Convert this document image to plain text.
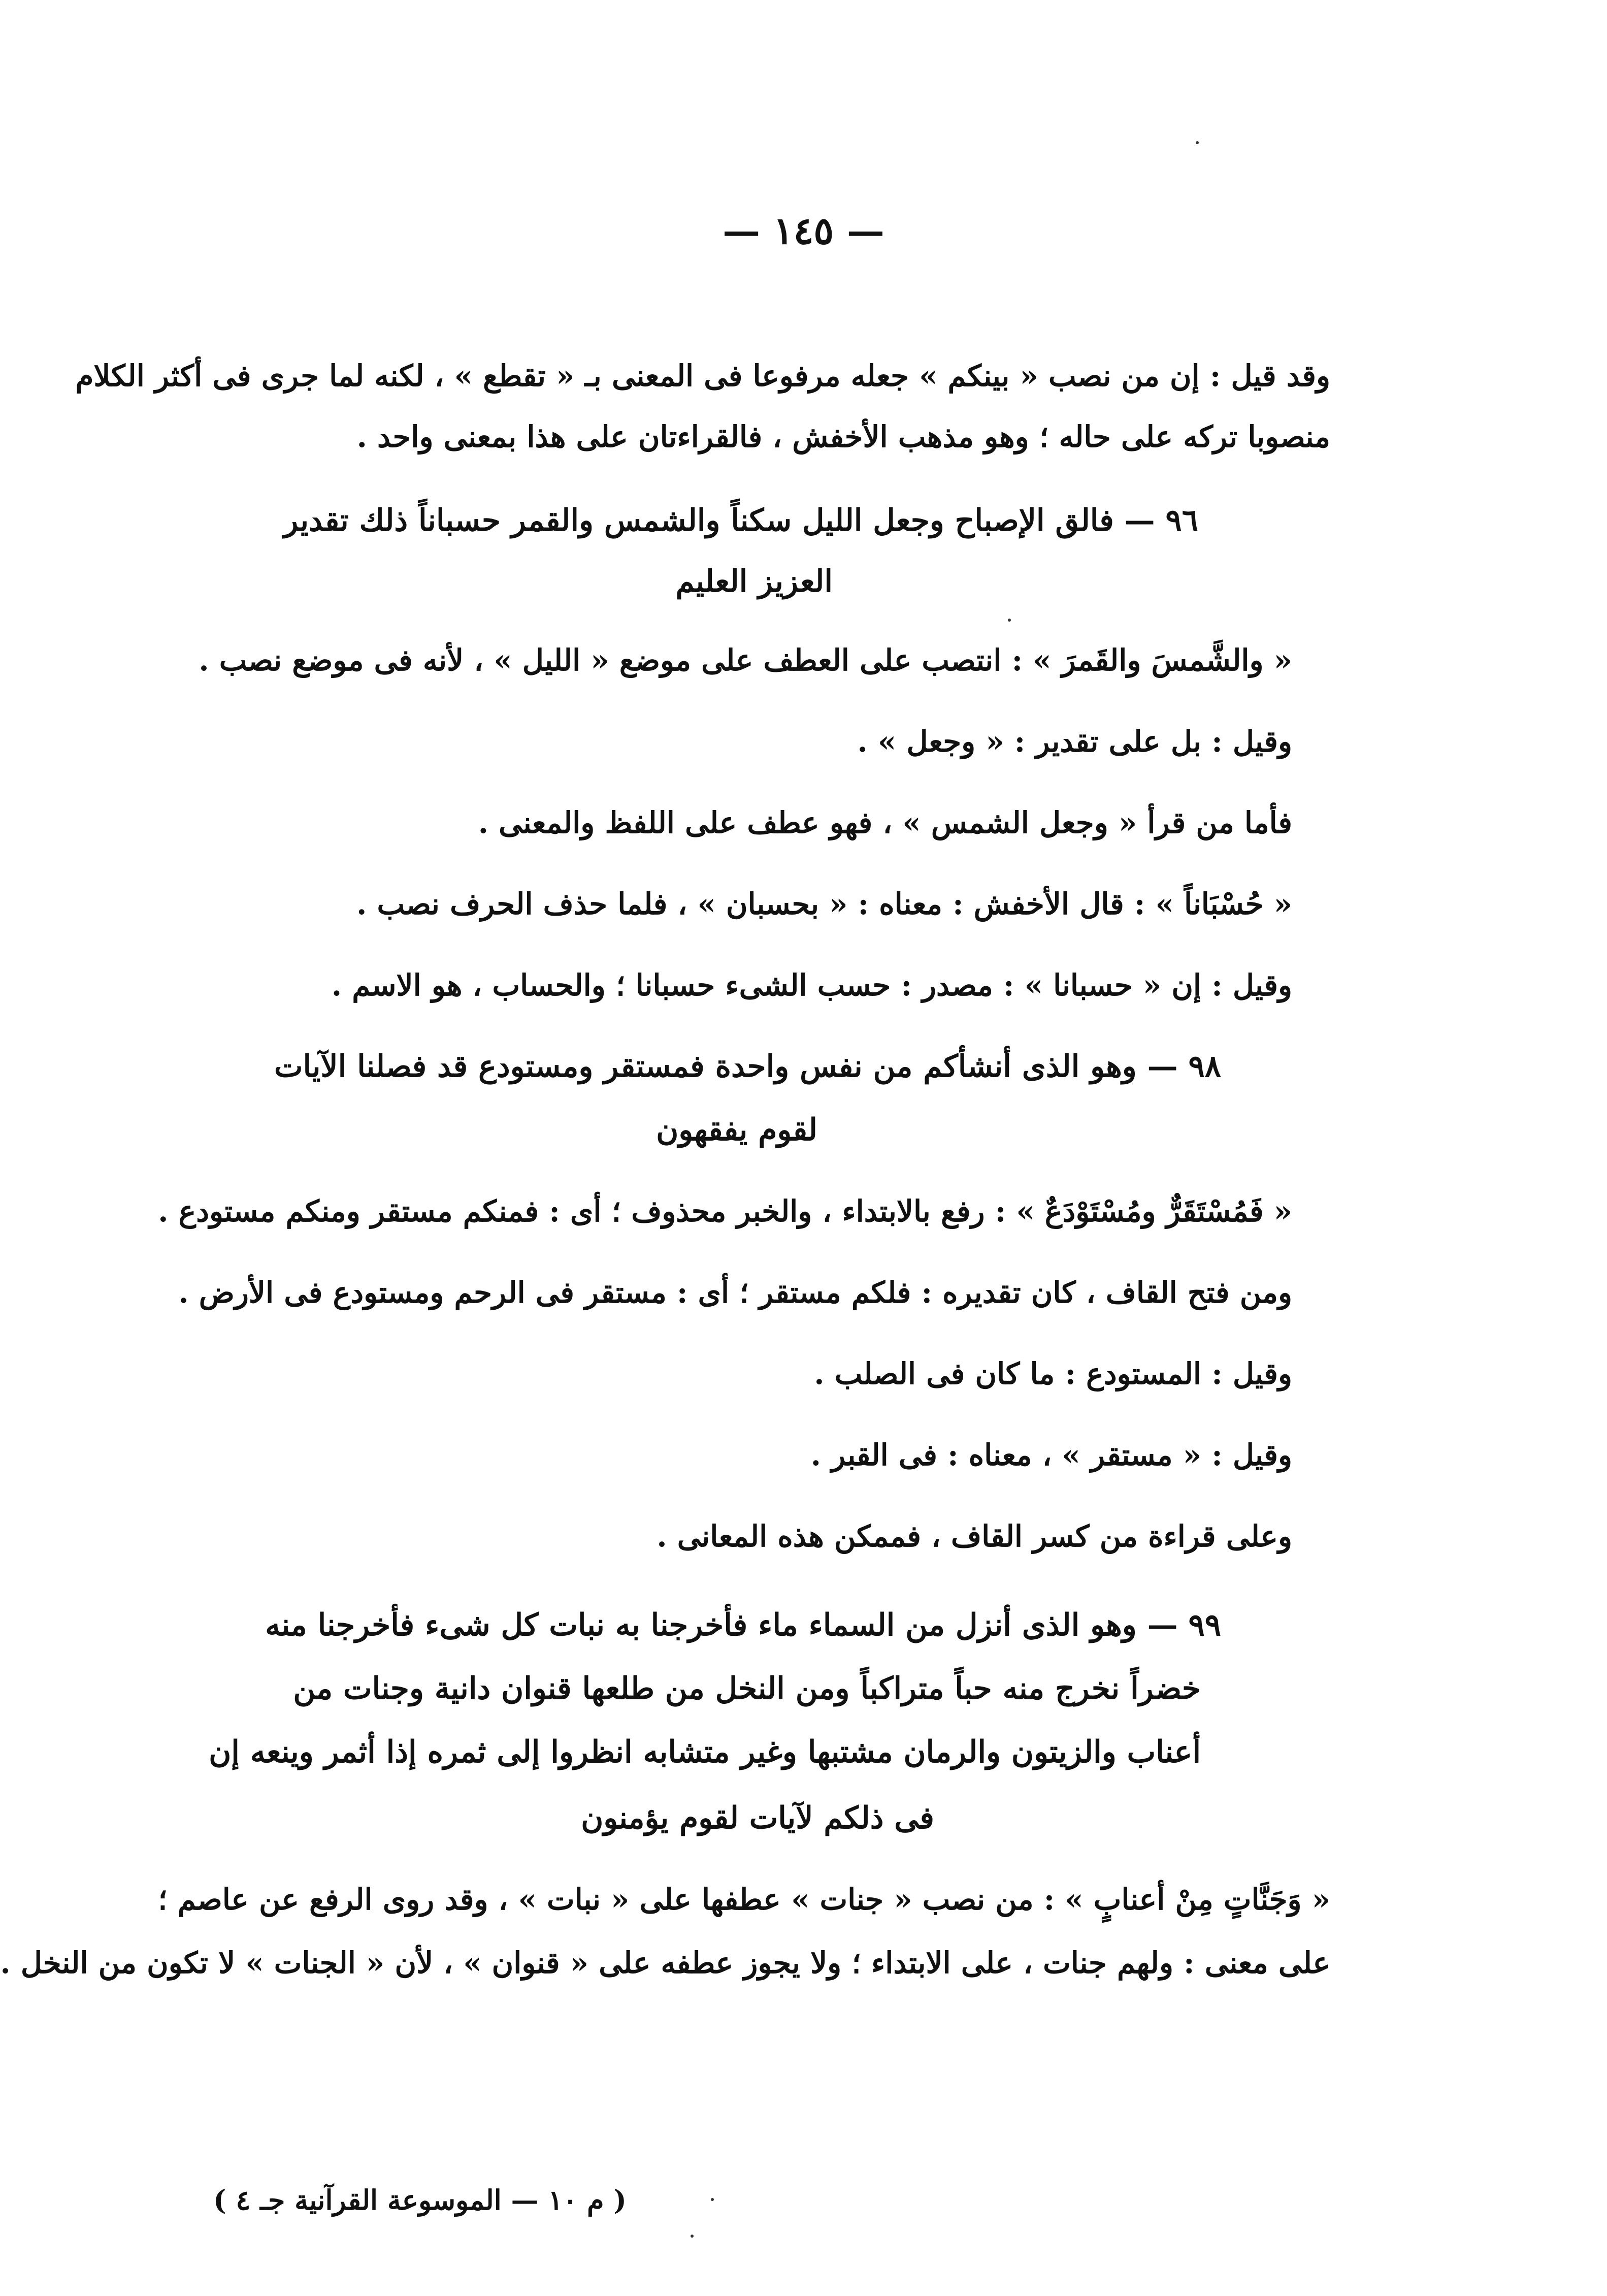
— ١٤٥ —
وقد قيل : إن من نصب « بينكم » جعله مرفوعا فى المعنى بـ « تقطع » ، لكنه لما جرى فى أكثر الكلام
منصوبا تركه على حاله ؛ وهو مذهب الأخفش ، فالقراءتان على هذا بمعنى واحد .
٩٦ — فالق الإصباح وجعل الليل سكناً والشمس والقمر حسباناً ذلك تقدير
العزيز العليم
« والشَّمسَ والقَمرَ » : انتصب على العطف على موضع « الليل » ، لأنه فى موضع نصب .
وقيل : بل على تقدير : « وجعل » .
فأما من قرأ « وجعل الشمس » ، فهو عطف على اللفظ والمعنى .
« حُسْبَاناً » : قال الأخفش : معناه : « بحسبان » ، فلما حذف الحرف نصب .
وقيل : إن « حسبانا » : مصدر : حسب الشىء حسبانا ؛ والحساب ، هو الاسم .
٩٨ — وهو الذى أنشأكم من نفس واحدة فمستقر ومستودع قد فصلنا الآيات
لقوم يفقهون
« فَمُسْتَقَرٌّ ومُسْتَوْدَعٌ » : رفع بالابتداء ، والخبر محذوف ؛ أى : فمنكم مستقر ومنكم مستودع .
ومن فتح القاف ، كان تقديره : فلكم مستقر ؛ أى : مستقر فى الرحم ومستودع فى الأرض .
وقيل : المستودع : ما كان فى الصلب .
وقيل : « مستقر » ، معناه : فى القبر .
وعلى قراءة من كسر القاف ، فممكن هذه المعانى .
٩٩ — وهو الذى أنزل من السماء ماء فأخرجنا به نبات كل شىء فأخرجنا منه
خضراً نخرج منه حباً متراكباً ومن النخل من طلعها قنوان دانية وجنات من
أعناب والزيتون والرمان مشتبها وغير متشابه انظروا إلى ثمره إذا أثمر وينعه إن
فى ذلكم لآيات لقوم يؤمنون
« وَجَنَّاتٍ مِنْ أعنابٍ » : من نصب « جنات » عطفها على « نبات » ، وقد روى الرفع عن عاصم ؛
على معنى : ولهم جنات ، على الابتداء ؛ ولا يجوز عطفه على « قنوان » ، لأن « الجنات » لا تكون من النخل .
( م ١٠ — الموسوعة القرآنية جـ ٤ )
